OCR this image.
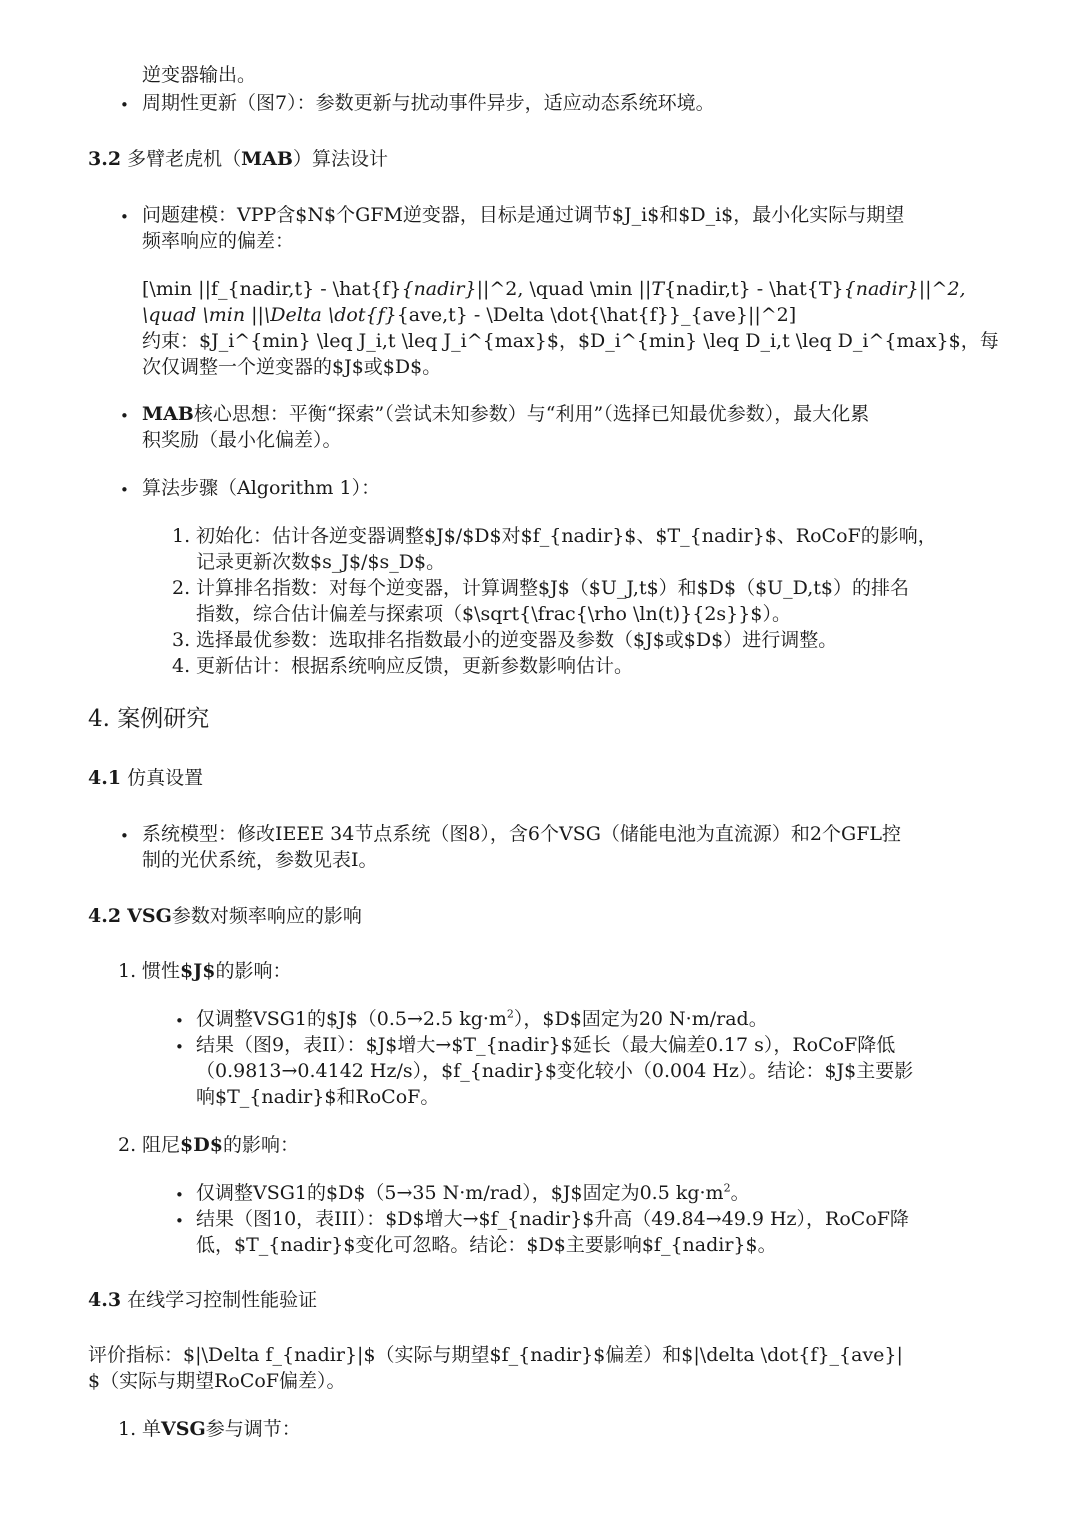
逆变器输出。
• 周期性更新（图7）：参数更新与扰动事件异步，适应动态系统环境。
3.2 多臂老虎机（MAB）算法设计
• 问题建模：VPP含$N$个GFM逆变器，目标是通过调节$J_i$和$D_i$，最小化实际与期望
频率响应的偏差：
[\min ||f_{nadir,t} - \hat{f}{nadir}||^2, \quad \min ||T{nadir,t} - \hat{T}{nadir}||^2,
\quad \min ||\Delta \dot{f}{ave,t} - \Delta \dot{\hat{f}}_{ave}||^2]
约束：$J_i^{min} \leq J_i,t \leq J_i^{max}$，$D_i^{min} \leq D_i,t \leq D_i^{max}$，每
次仅调整一个逆变器的$J$或$D$。
• MAB核心思想：平衡“探索”（尝试未知参数）与“利用”（选择已知最优参数），最大化累
积奖励（最小化偏差）。
• 算法步骤（Algorithm 1）：
1. 初始化：估计各逆变器调整$J$/$D$对$f_{nadir}$、$T_{nadir}$、RoCoF的影响，
记录更新次数$s_J$/$s_D$。
2. 计算排名指数：对每个逆变器，计算调整$J$（$U_J,t$）和$D$（$U_D,t$）的排名
指数，综合估计偏差与探索项（$\sqrt{\frac{\rho \ln(t)}{2s}}$）。
3. 选择最优参数：选取排名指数最小的逆变器及参数（$J$或$D$）进行调整。
4. 更新估计：根据系统响应反馈，更新参数影响估计。
4. 案例研究
4.1 仿真设置
• 系统模型：修改IEEE 34节点系统（图8），含6个VSG（储能电池为直流源）和2个GFL控
制的光伏系统，参数见表I。
4.2 VSG参数对频率响应的影响
1. 惯性$J$的影响：
• 仅调整VSG1的$J$（0.5→2.5 $kg\cdot m^2$），$D$固定为20 N·m/rad。
• 结果（图9，表II）：$J$增大→$T_{nadir}$延长（最大偏差0.17 s），RoCoF降低
（0.9813→0.4142 Hz/s），$f_{nadir}$变化较小（0.004 Hz）。结论：$J$主要影
响$T_{nadir}$和RoCoF。
2. 阻尼$D$的影响：
• 仅调整VSG1的$D$（5→35 N·m/rad），$J$固定为0.5 $kg\cdot m^2$。
• 结果（图10，表III）：$D$增大→$f_{nadir}$升高（49.84→49.9 Hz），RoCoF降
低，$T_{nadir}$变化可忽略。结论：$D$主要影响$f_{nadir}$。
4.3 在线学习控制性能验证
评价指标：$|\Delta f_{nadir}|$（实际与期望$f_{nadir}$偏差）和$|\delta \dot{f}_{ave}|
$（实际与期望RoCoF偏差）。
1. 单VSG参与调节：
